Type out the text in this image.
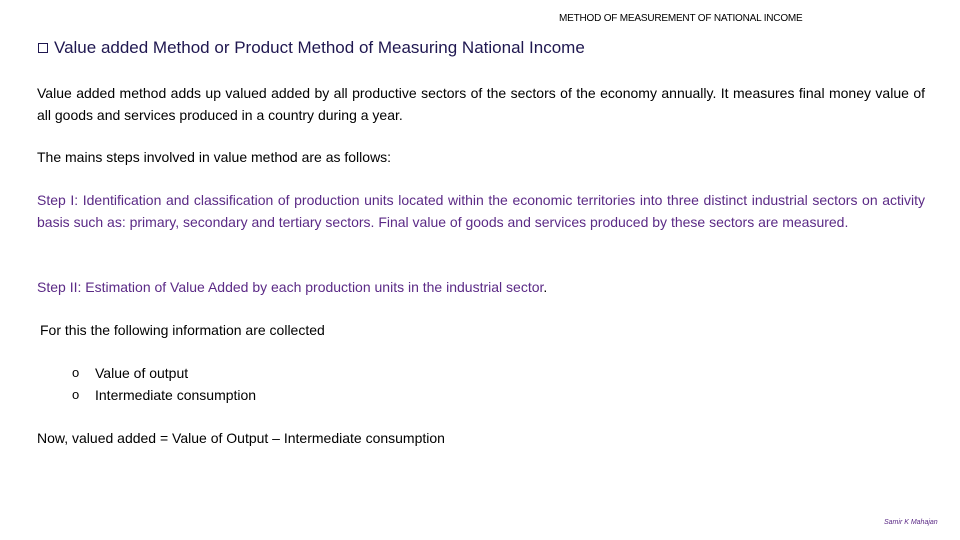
METHOD OF MEASUREMENT OF NATIONAL INCOME
Value added Method or Product Method of Measuring National Income

Value added method adds up valued added by all productive sectors of the sectors of the economy annually. It measures final money value of all goods and services produced in a country during a year.

The mains steps involved in value method are as follows:

Step I: Identification and classification of production units located within the economic territories into three distinct industrial sectors on activity basis such as: primary, secondary and tertiary sectors. Final value of goods and services produced by these sectors are measured.

Step II: Estimation of Value Added by each production units in the industrial sector.

For this the following information are collected

o	Value of output
o	Intermediate consumption

Now, valued added = Value of Output – Intermediate consumption

Samir K Mahajan
